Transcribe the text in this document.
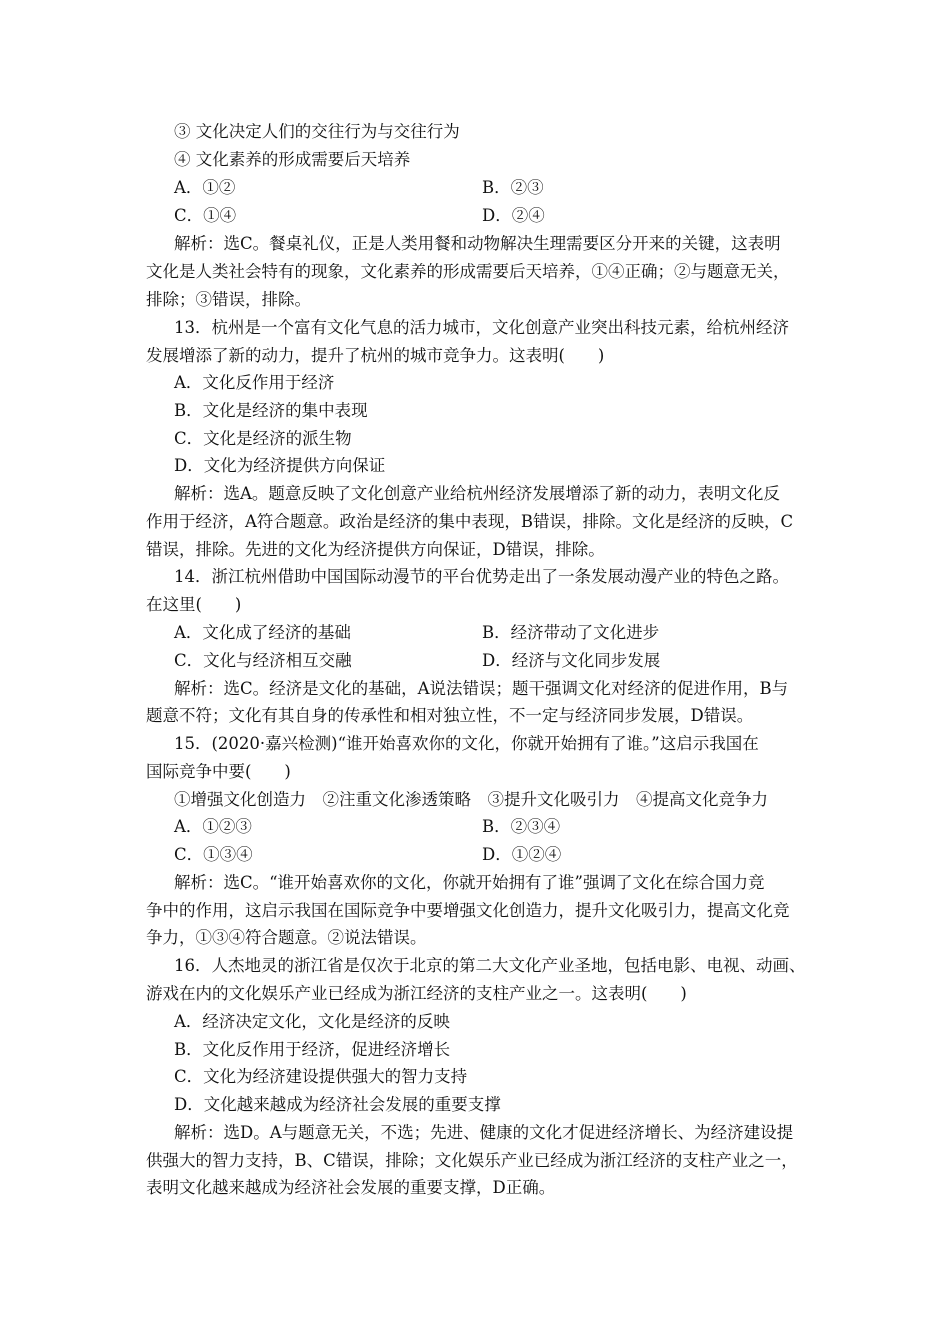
③ 文化决定人们的交往行为与交往行为
④ 文化素养的形成需要后天培养
A．①②	B．②③
C．①④	D．②④
解析：选C。餐桌礼仪，正是人类用餐和动物解决生理需要区分开来的关键，这表明
文化是人类社会特有的现象，文化素养的形成需要后天培养，①④正确；②与题意无关，
排除；③错误，排除。
13．杭州是一个富有文化气息的活力城市，文化创意产业突出科技元素，给杭州经济
发展增添了新的动力，提升了杭州的城市竞争力。这表明(　　)
A．文化反作用于经济
B．文化是经济的集中表现
C．文化是经济的派生物
D．文化为经济提供方向保证
解析：选A。题意反映了文化创意产业给杭州经济发展增添了新的动力，表明文化反
作用于经济，A符合题意。政治是经济的集中表现，B错误，排除。文化是经济的反映，C
错误，排除。先进的文化为经济提供方向保证，D错误，排除。
14．浙江杭州借助中国国际动漫节的平台优势走出了一条发展动漫产业的特色之路。
在这里(　　)
A．文化成了经济的基础	B．经济带动了文化进步
C．文化与经济相互交融	D．经济与文化同步发展
解析：选C。经济是文化的基础，A说法错误；题干强调文化对经济的促进作用，B与
题意不符；文化有其自身的传承性和相对独立性，不一定与经济同步发展，D错误。
15．(2020·嘉兴检测)“谁开始喜欢你的文化，你就开始拥有了谁。”这启示我国在
国际竞争中要(　　)
①增强文化创造力　②注重文化渗透策略　③提升文化吸引力　④提高文化竞争力
A．①②③	B．②③④
C．①③④	D．①②④
解析：选C。“谁开始喜欢你的文化，你就开始拥有了谁”强调了文化在综合国力竞
争中的作用，这启示我国在国际竞争中要增强文化创造力，提升文化吸引力，提高文化竞
争力，①③④符合题意。②说法错误。
16．人杰地灵的浙江省是仅次于北京的第二大文化产业圣地，包括电影、电视、动画、
游戏在内的文化娱乐产业已经成为浙江经济的支柱产业之一。这表明(　　)
A．经济决定文化，文化是经济的反映
B．文化反作用于经济，促进经济增长
C．文化为经济建设提供强大的智力支持
D．文化越来越成为经济社会发展的重要支撑
解析：选D。A与题意无关，不选；先进、健康的文化才促进经济增长、为经济建设提
供强大的智力支持，B、C错误，排除；文化娱乐产业已经成为浙江经济的支柱产业之一，
表明文化越来越成为经济社会发展的重要支撑，D正确。
